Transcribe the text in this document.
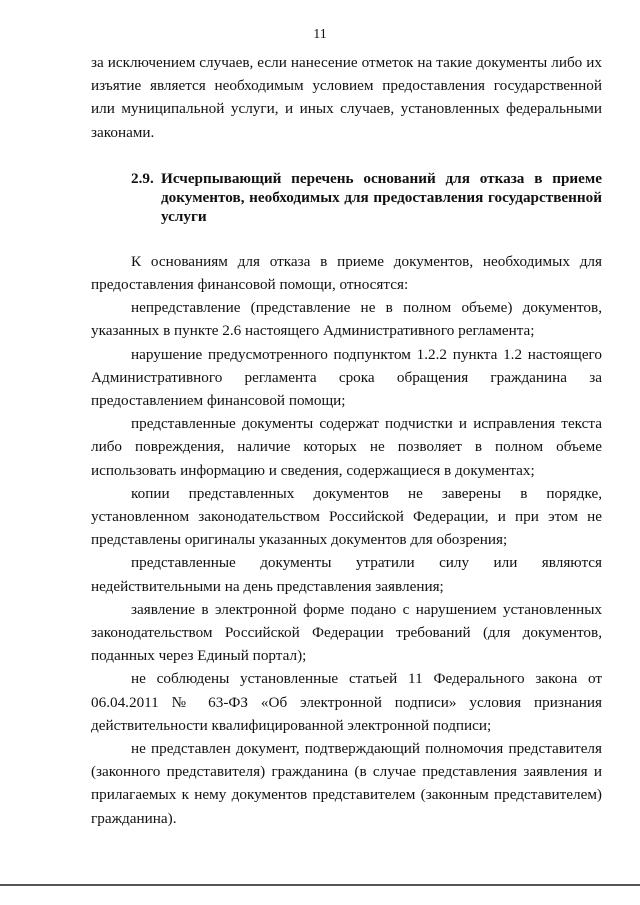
11

за исключением случаев, если нанесение отметок на такие документы либо их изъятие является необходимым условием предоставления государственной или муниципальной услуги, и иных случаев, установленных федеральными законами.

2.9. Исчерпывающий перечень оснований для отказа в приеме документов, необходимых для предоставления государственной услуги

К основаниям для отказа в приеме документов, необходимых для предоставления финансовой помощи, относятся:

непредставление (представление не в полном объеме) документов, указанных в пункте 2.6 настоящего Административного регламента;

нарушение предусмотренного подпунктом 1.2.2 пункта 1.2 настоящего Административного регламента срока обращения гражданина за предоставлением финансовой помощи;

представленные документы содержат подчистки и исправления текста либо повреждения, наличие которых не позволяет в полном объеме использовать информацию и сведения, содержащиеся в документах;

копии представленных документов не заверены в порядке, установленном законодательством Российской Федерации, и при этом не представлены оригиналы указанных документов для обозрения;

представленные документы утратили силу или являются недействительными на день представления заявления;

заявление в электронной форме подано с нарушением установленных законодательством Российской Федерации требований (для документов, поданных через Единый портал);

не соблюдены установленные статьей 11 Федерального закона от 06.04.2011 № 63-ФЗ «Об электронной подписи» условия признания действительности квалифицированной электронной подписи;

не представлен документ, подтверждающий полномочия представителя (законного представителя) гражданина (в случае представления заявления и прилагаемых к нему документов представителем (законным представителем) гражданина).
